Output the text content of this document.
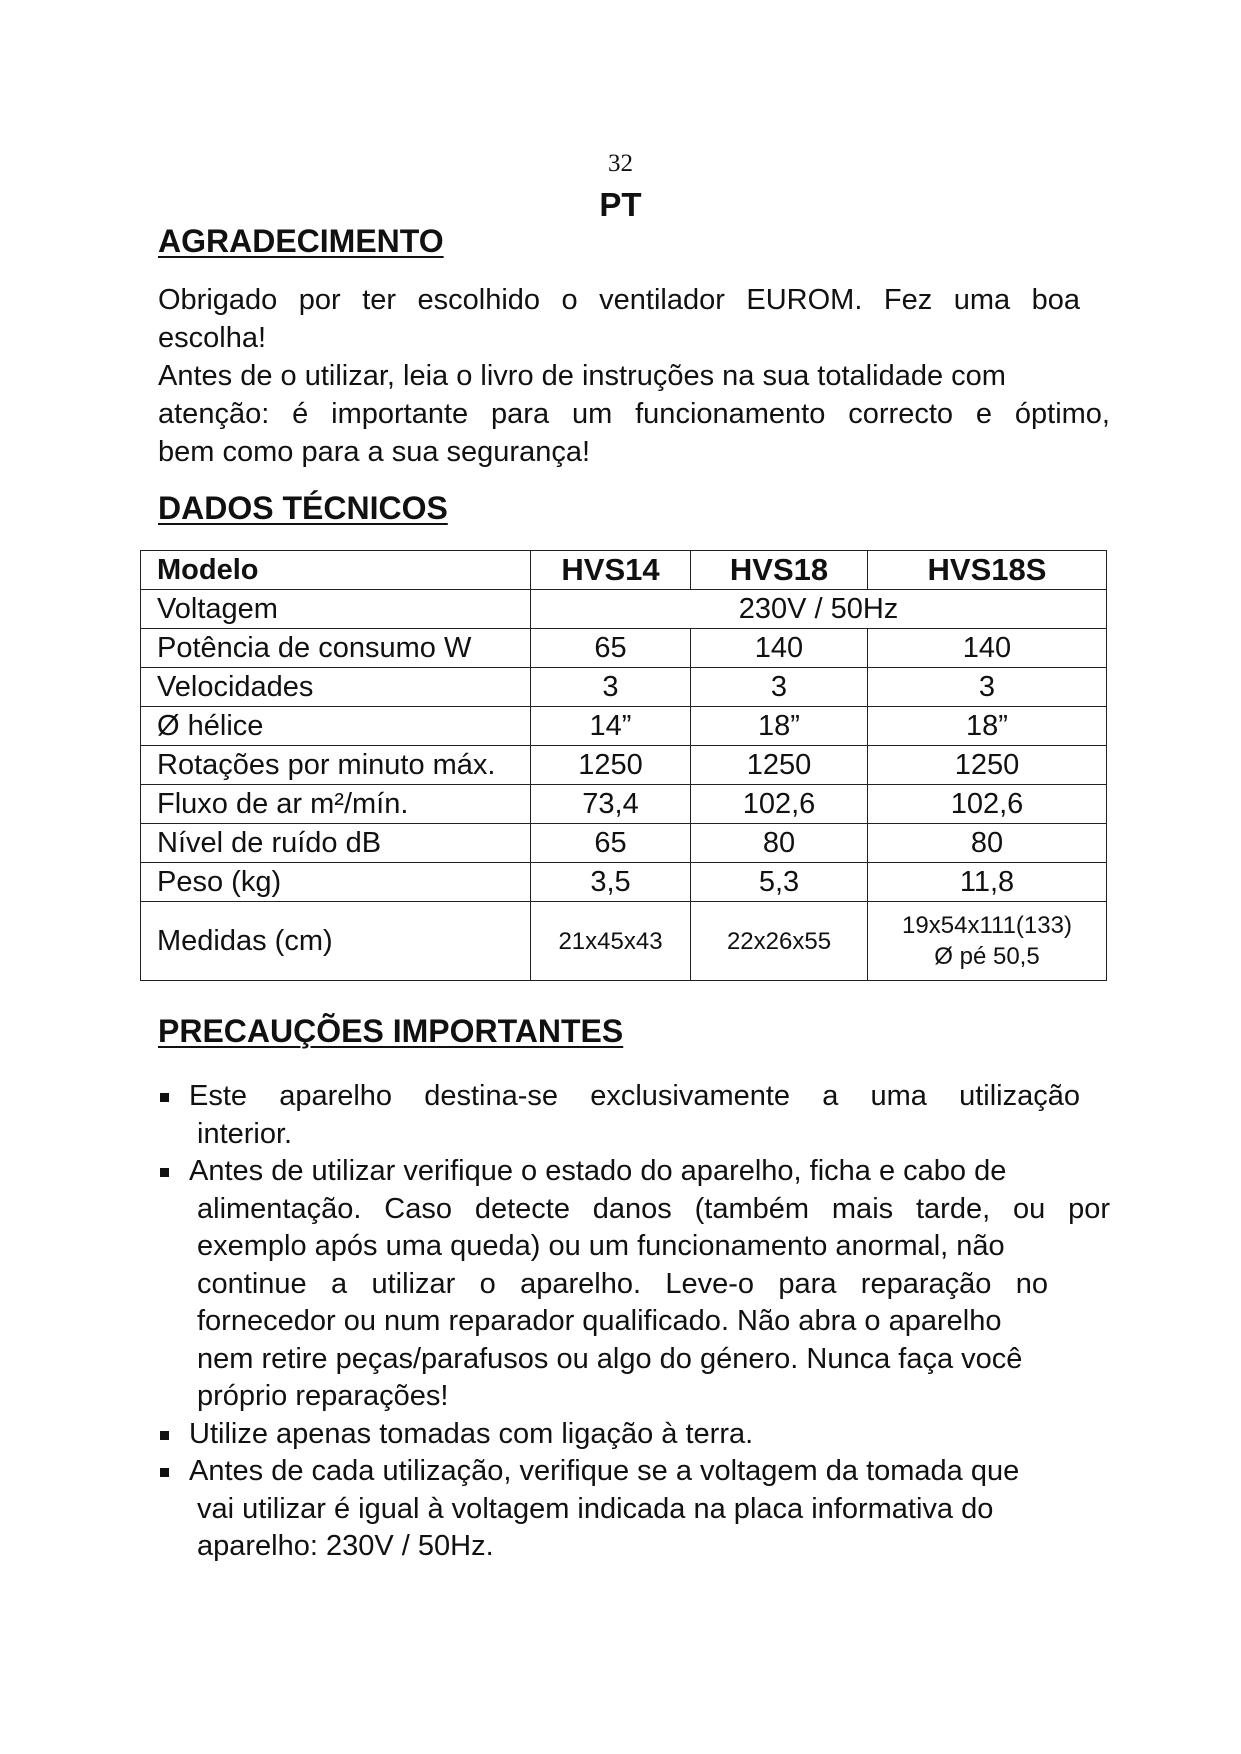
32
PT
AGRADECIMENTO
Obrigado por ter escolhido o ventilador EUROM. Fez uma boa
escolha!
Antes de o utilizar, leia o livro de instruções na sua totalidade com
atenção: é importante para um funcionamento correcto e óptimo,
bem como para a sua segurança!
DADOS TÉCNICOS
Modelo	HVS14	HVS18	HVS18S
Voltagem	230V / 50Hz		
Potência de consumo W	65	140	140
Velocidades	3	3	3
Ø hélice	14”	18”	18”
Rotações por minuto máx.	1250	1250	1250
Fluxo de ar m²/mín.	73,4	102,6	102,6
Nível de ruído dB	65	80	80
Peso (kg)	3,5	5,3	11,8
Medidas (cm)	21x45x43	22x26x55	19x54x111(133)
Ø pé 50,5
PRECAUÇÕES IMPORTANTES
Este aparelho destina-se exclusivamente a uma utilização
interior.
Antes de utilizar verifique o estado do aparelho, ficha e cabo de
alimentação. Caso detecte danos (também mais tarde, ou por
exemplo após uma queda) ou um funcionamento anormal, não
continue a utilizar o aparelho. Leve-o para reparação no
fornecedor ou num reparador qualificado. Não abra o aparelho
nem retire peças/parafusos ou algo do género. Nunca faça você
próprio reparações!
Utilize apenas tomadas com ligação à terra.
Antes de cada utilização, verifique se a voltagem da tomada que
vai utilizar é igual à voltagem indicada na placa informativa do
aparelho: 230V / 50Hz.
